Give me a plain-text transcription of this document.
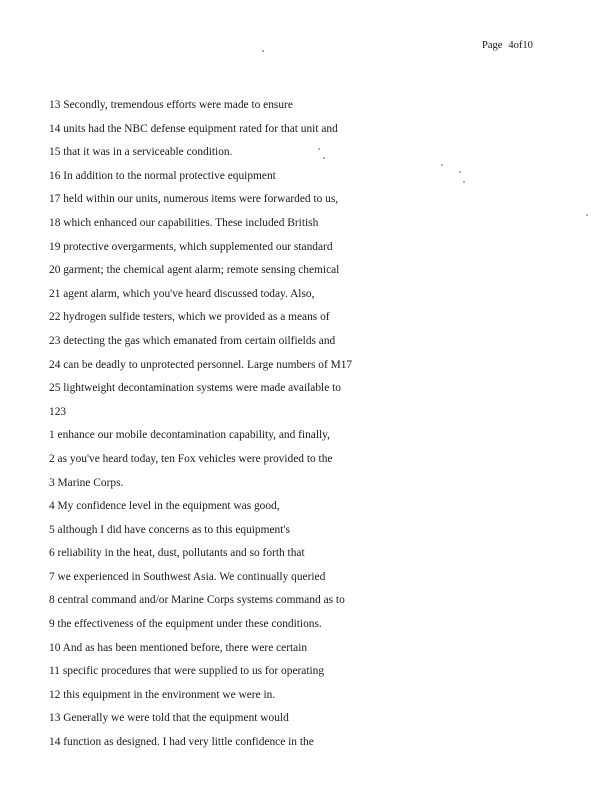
Page 4of10
13 Secondly, tremendous efforts were made to ensure
14 units had the NBC defense equipment rated for that unit and
15 that it was in a serviceable condition.
16 In addition to the normal protective equipment
17 held within our units, numerous items were forwarded to us,
18 which enhanced our capabilities. These included British
19 protective overgarments, which supplemented our standard
20 garment; the chemical agent alarm; remote sensing chemical
21 agent alarm, which you've heard discussed today. Also,
22 hydrogen sulfide testers, which we provided as a means of
23 detecting the gas which emanated from certain oilfields and
24 can be deadly to unprotected personnel. Large numbers of M17
25 lightweight decontamination systems were made available to
123
1 enhance our mobile decontamination capability, and finally,
2 as you've heard today, ten Fox vehicles were provided to the
3 Marine Corps.
4 My confidence level in the equipment was good,
5 although I did have concerns as to this equipment's
6 reliability in the heat, dust, pollutants and so forth that
7 we experienced in Southwest Asia. We continually queried
8 central command and/or Marine Corps systems command as to
9 the effectiveness of the equipment under these conditions.
10 And as has been mentioned before, there were certain
11 specific procedures that were supplied to us for operating
12 this equipment in the environment we were in.
13 Generally we were told that the equipment would
14 function as designed. I had very little confidence in the
